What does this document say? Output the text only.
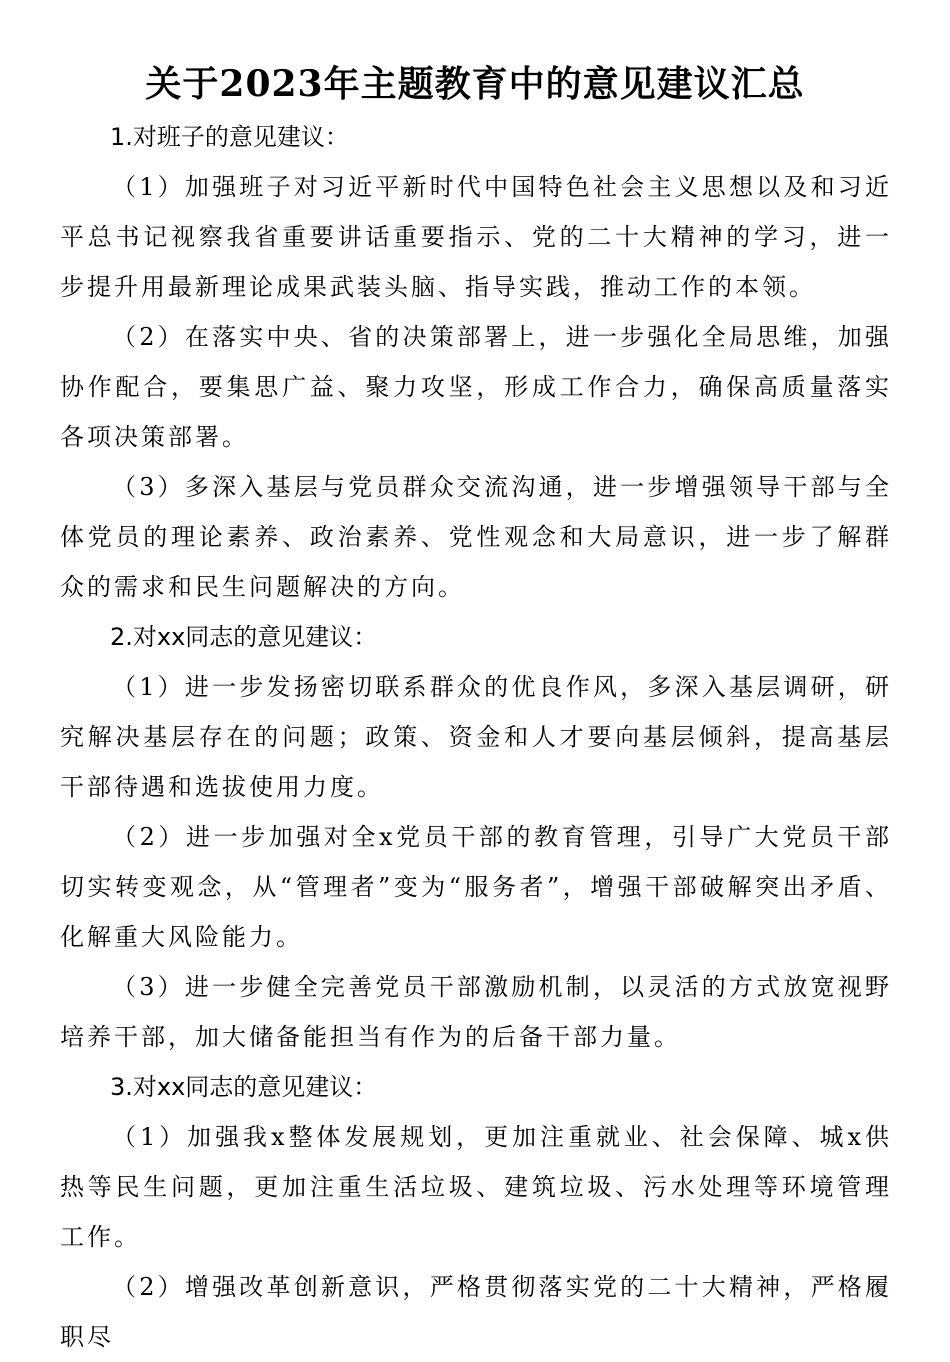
关于2023年主题教育中的意见建议汇总

1.对班子的意见建议：

（1）加强班子对习近平新时代中国特色社会主义思想以及和习近平总书记视察我省重要讲话重要指示、党的二十大精神的学习，进一步提升用最新理论成果武装头脑、指导实践，推动工作的本领。

（2）在落实中央、省的决策部署上，进一步强化全局思维，加强协作配合，要集思广益、聚力攻坚，形成工作合力，确保高质量落实各项决策部署。

（3）多深入基层与党员群众交流沟通，进一步增强领导干部与全体党员的理论素养、政治素养、党性观念和大局意识，进一步了解群众的需求和民生问题解决的方向。

2.对xx同志的意见建议：

（1）进一步发扬密切联系群众的优良作风，多深入基层调研，研究解决基层存在的问题；政策、资金和人才要向基层倾斜，提高基层干部待遇和选拔使用力度。

（2）进一步加强对全x党员干部的教育管理，引导广大党员干部切实转变观念，从“管理者”变为“服务者”，增强干部破解突出矛盾、化解重大风险能力。

（3）进一步健全完善党员干部激励机制，以灵活的方式放宽视野培养干部，加大储备能担当有作为的后备干部力量。

3.对xx同志的意见建议：

（1）加强我x整体发展规划，更加注重就业、社会保障、城x供热等民生问题，更加注重生活垃圾、建筑垃圾、污水处理等环境管理工作。

（2）增强改革创新意识，严格贯彻落实党的二十大精神，严格履职尽
